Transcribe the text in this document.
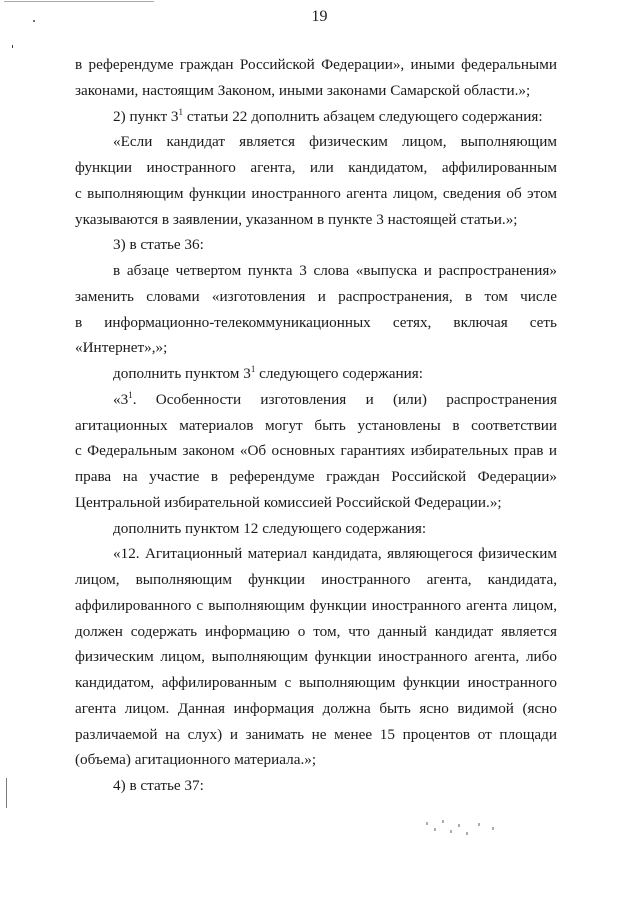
19
в референдуме граждан Российской Федерации», иными федеральными
законами, настоящим Законом, иными законами Самарской области.»;
2) пункт $3^1$ статьи 22 дополнить абзацем следующего содержания:
«Если кандидат является физическим лицом, выполняющим
функции иностранного агента, или кандидатом, аффилированным
с выполняющим функции иностранного агента лицом, сведения об этом
указываются в заявлении, указанном в пункте 3 настоящей статьи.»;
3) в статье 36:
в абзаце четвертом пункта 3 слова «выпуска и распространения»
заменить словами «изготовления и распространения, в том числе
в информационно-телекоммуникационных сетях, включая сеть
«Интернет»,»;
дополнить пунктом $3^1$ следующего содержания:
«$3^1$. Особенности изготовления и (или) распространения
агитационных материалов могут быть установлены в соответствии
с Федеральным законом «Об основных гарантиях избирательных прав и
права на участие в референдуме граждан Российской Федерации»
Центральной избирательной комиссией Российской Федерации.»;
дополнить пунктом 12 следующего содержания:
«12. Агитационный материал кандидата, являющегося физическим
лицом, выполняющим функции иностранного агента, кандидата,
аффилированного с выполняющим функции иностранного агента лицом,
должен содержать информацию о том, что данный кандидат является
физическим лицом, выполняющим функции иностранного агента, либо
кандидатом, аффилированным с выполняющим функции иностранного
агента лицом. Данная информация должна быть ясно видимой (ясно
различаемой на слух) и занимать не менее 15 процентов от площади
(объема) агитационного материала.»;
4) в статье 37:
